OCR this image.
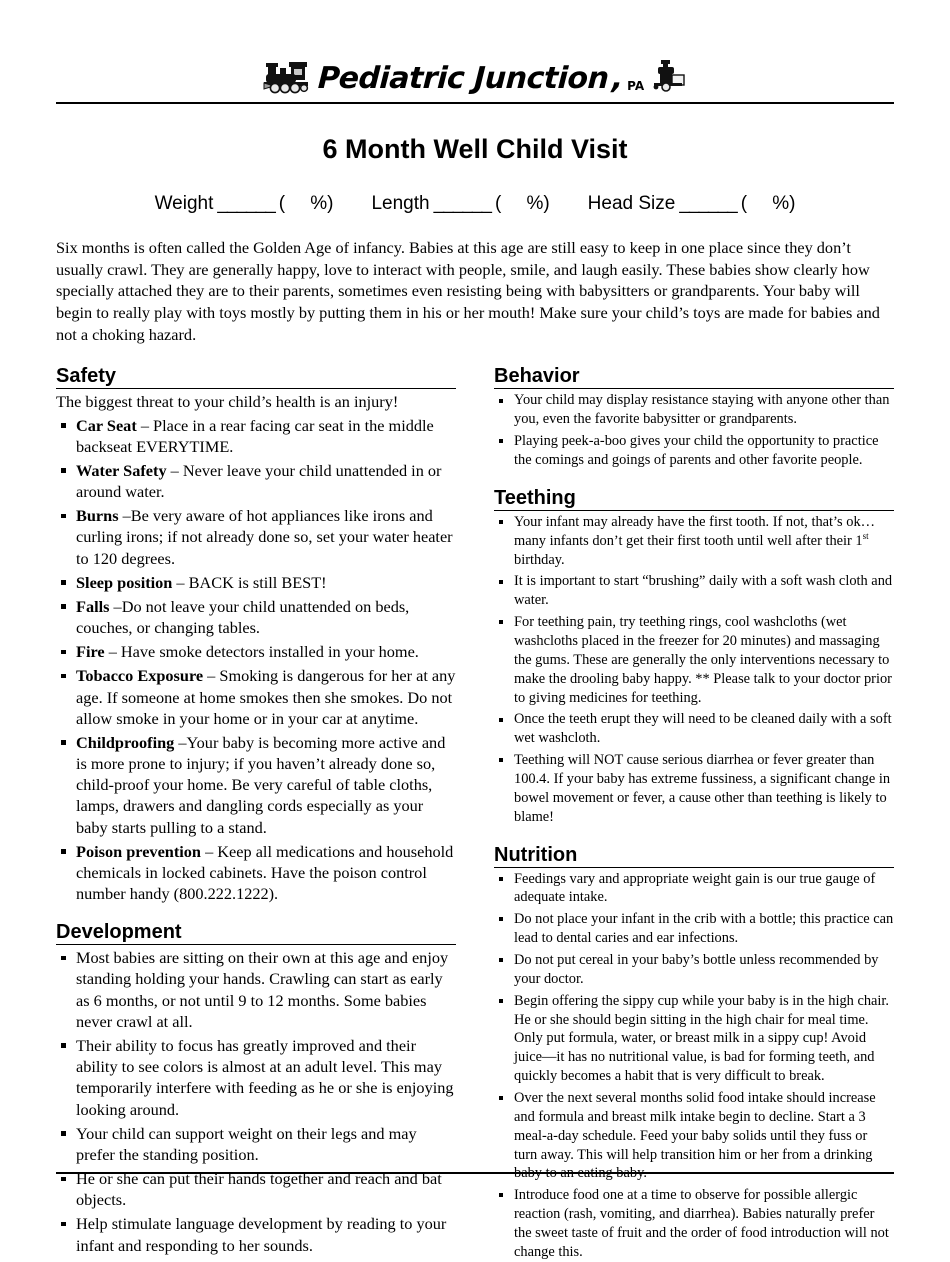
Pediatric Junction , PA
6 Month Well Child Visit
Weight ______ (
%) Length ______ (
%) Head Size ______ (
%)

Six months is often called the Golden Age of infancy. Babies at this age are still easy to keep in one place since they don’t usually crawl. They are generally happy, love to interact with people, smile, and laugh easily. These babies show clearly how specially attached they are to their parents, sometimes even resisting being with babysitters or grandparents. Your baby will begin to really play with toys mostly by putting them in his or her mouth! Make sure your child’s toys are made for babies and not a choking hazard.

Safety
The biggest threat to your child’s health is an injury!
Car Seat – Place in a rear facing car seat in the middle backseat EVERYTIME.
Water Safety – Never leave your child unattended in or around water.
Burns –Be very aware of hot appliances like irons and curling irons; if not already done so, set your water heater to 120 degrees.
Sleep position – BACK is still BEST!
Falls –Do not leave your child unattended on beds, couches, or changing tables.
Fire – Have smoke detectors installed in your home.
Tobacco Exposure – Smoking is dangerous for her at any age. If someone at home smokes then she smokes. Do not allow smoke in your home or in your car at anytime.
Childproofing –Your baby is becoming more active and is more prone to injury; if you haven’t already done so, child-proof your home. Be very careful of table cloths, lamps, drawers and dangling cords especially as your baby starts pulling to a stand.
Poison prevention – Keep all medications and household chemicals in locked cabinets. Have the poison control number handy (800.222.1222).
Development
Most babies are sitting on their own at this age and enjoy standing holding your hands. Crawling can start as early as 6 months, or not until 9 to 12 months. Some babies never crawl at all.
Their ability to focus has greatly improved and their ability to see colors is almost at an adult level. This may temporarily interfere with feeding as he or she is enjoying looking around.
Your child can support weight on their legs and may prefer the standing position.
He or she can put their hands together and reach and bat objects.
Help stimulate language development by reading to your infant and responding to her sounds.
Behavior
Your child may display resistance staying with anyone other than you, even the favorite babysitter or grandparents.
Playing peek-a-boo gives your child the opportunity to practice the comings and goings of parents and other favorite people.
Teething
Your infant may already have the first tooth. If not, that’s ok…many infants don’t get their first tooth until well after their 1st birthday.
It is important to start “brushing” daily with a soft wash cloth and water.
For teething pain, try teething rings, cool washcloths (wet washcloths placed in the freezer for 20 minutes) and massaging the gums. These are generally the only interventions necessary to make the drooling baby happy. ** Please talk to your doctor prior to giving medicines for teething.
Once the teeth erupt they will need to be cleaned daily with a soft wet washcloth.
Teething will NOT cause serious diarrhea or fever greater than 100.4. If your baby has extreme fussiness, a significant change in bowel movement or fever, a cause other than teething is likely to blame!
Nutrition
Feedings vary and appropriate weight gain is our true gauge of adequate intake.
Do not place your infant in the crib with a bottle; this practice can lead to dental caries and ear infections.
Do not put cereal in your baby’s bottle unless recommended by your doctor.
Begin offering the sippy cup while your baby is in the high chair. He or she should begin sitting in the high chair for meal time. Only put formula, water, or breast milk in a sippy cup! Avoid juice—it has no nutritional value, is bad for forming teeth, and quickly becomes a habit that is very difficult to break.
Over the next several months solid food intake should increase and formula and breast milk intake begin to decline. Start a 3 meal-a-day schedule. Feed your baby solids until they fuss or turn away. This will help transition him or her from a drinking baby to an eating baby.
Introduce food one at a time to observe for possible allergic reaction (rash, vomiting, and diarrhea). Babies naturally prefer the sweet taste of fruit and the order of food introduction will not change this.
